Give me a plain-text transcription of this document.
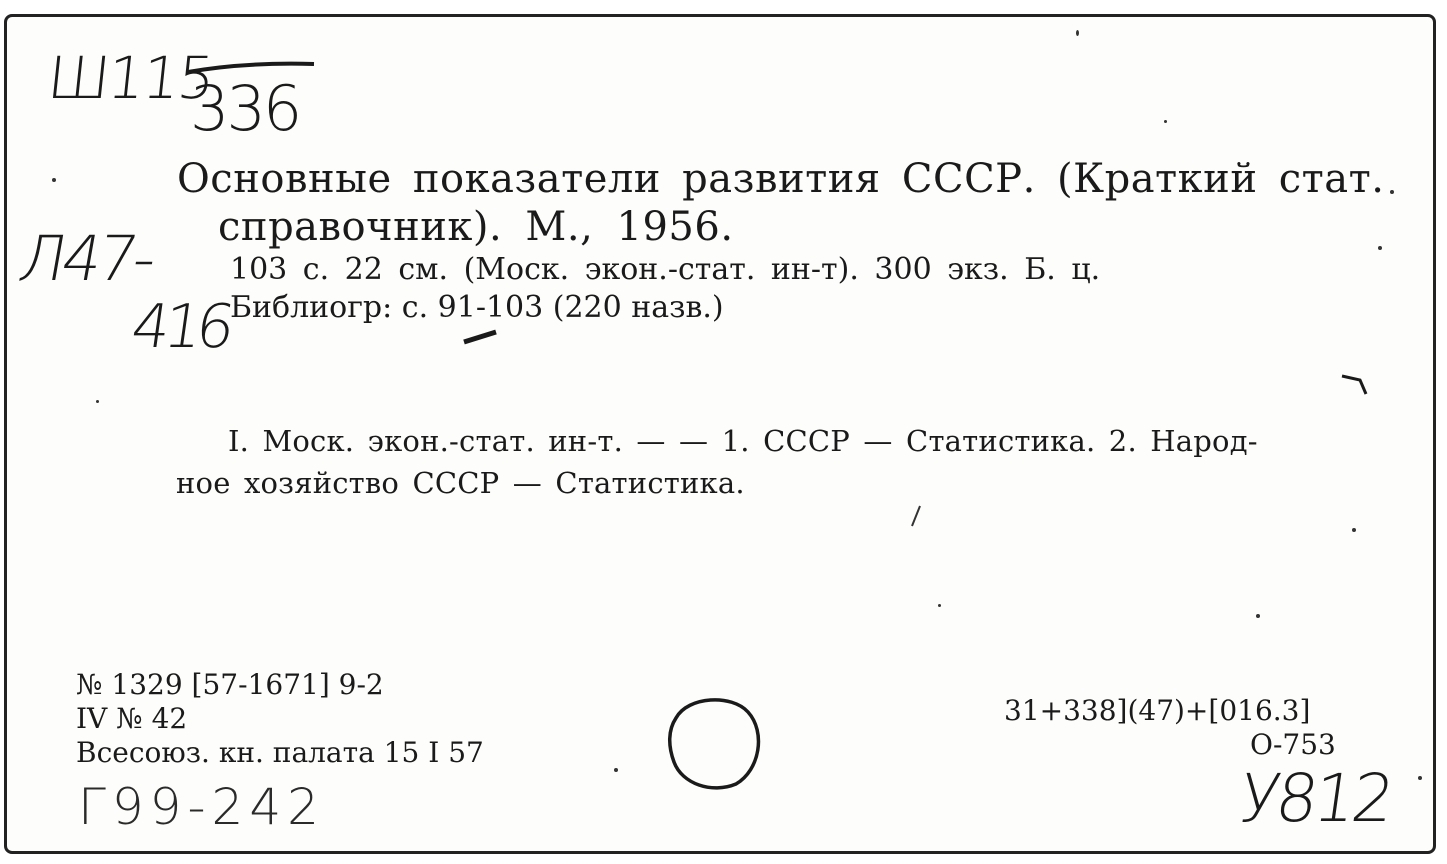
Ш115
336
Л47-
416
Основные показатели развития СССР. (Краткий стат.
справочник). М., 1956.
103 с. 22 см. (Моск. экон.-стат. ин-т). 300 экз. Б. ц.
Библиогр: с. 91-103 (220 назв.)
I. Моск. экон.-стат. ин-т. — — 1. СССР — Статистика. 2. Народ-
ное хозяйство СССР — Статистика.
№ 1329 [57-1671] 9-2
IV № 42
Всесоюз. кн. палата 15 I 57
31+338](47)+[016.3]
О-753
Г99-242	У812
